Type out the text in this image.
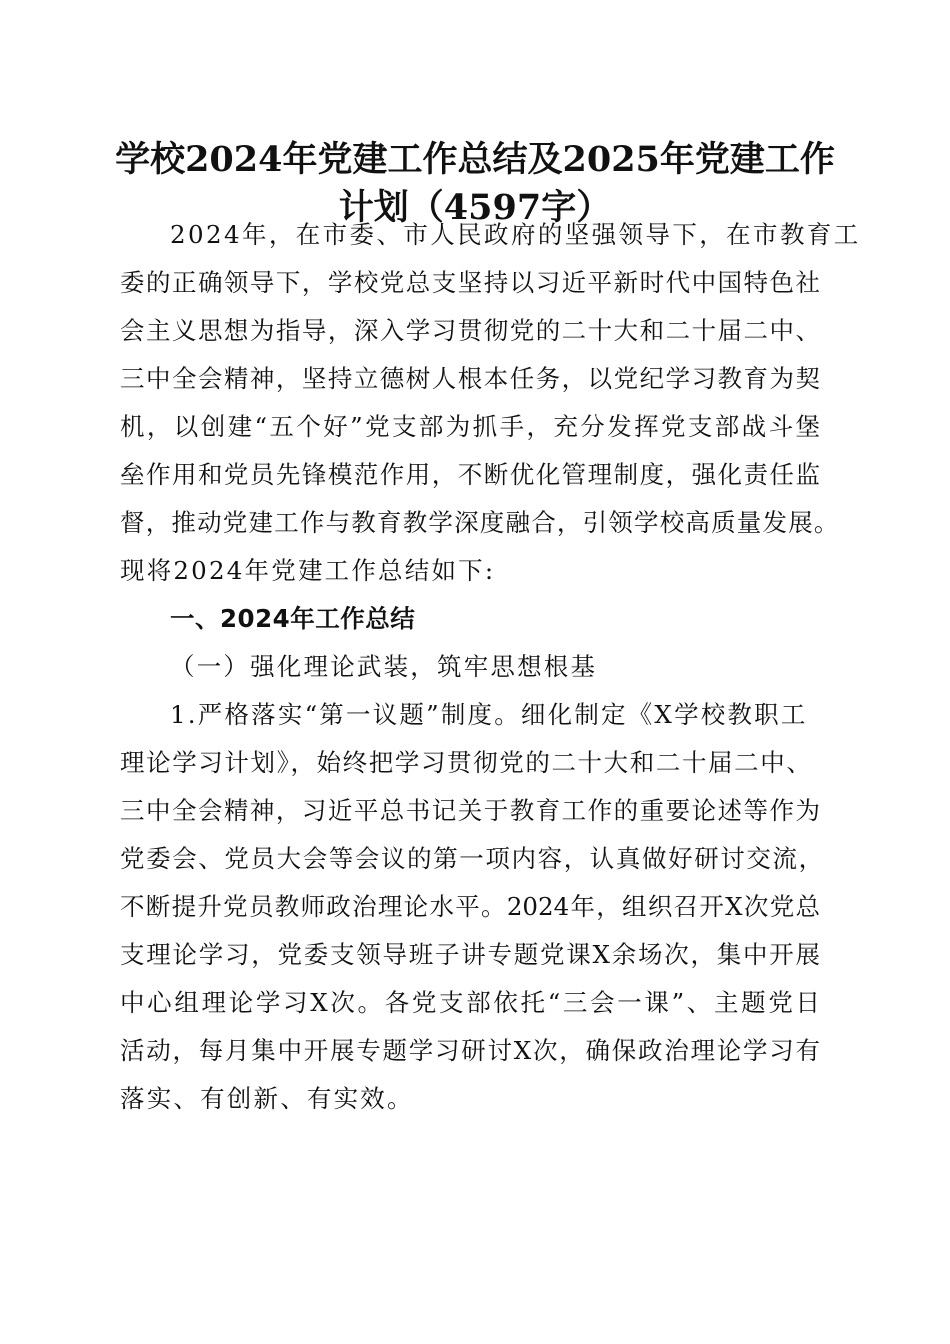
学校2024年党建工作总结及2025年党建工作
计划（4597字）
2024年，在市委、市人民政府的坚强领导下，在市教育工
委的正确领导下，学校党总支坚持以习近平新时代中国特色社
会主义思想为指导，深入学习贯彻党的二十大和二十届二中、
三中全会精神，坚持立德树人根本任务，以党纪学习教育为契
机，以创建“五个好”党支部为抓手，充分发挥党支部战斗堡
垒作用和党员先锋模范作用，不断优化管理制度，强化责任监
督，推动党建工作与教育教学深度融合，引领学校高质量发展。
现将2024年党建工作总结如下:
一、2024年工作总结
（一）强化理论武装，筑牢思想根基
1.严格落实“第一议题”制度。细化制定《X学校教职工
理论学习计划》，始终把学习贯彻党的二十大和二十届二中、
三中全会精神，习近平总书记关于教育工作的重要论述等作为
党委会、党员大会等会议的第一项内容，认真做好研讨交流，
不断提升党员教师政治理论水平。2024年，组织召开X次党总
支理论学习，党委支领导班子讲专题党课X余场次，集中开展
中心组理论学习X次。各党支部依托“三会一课”、主题党日
活动，每月集中开展专题学习研讨X次，确保政治理论学习有
落实、有创新、有实效。
